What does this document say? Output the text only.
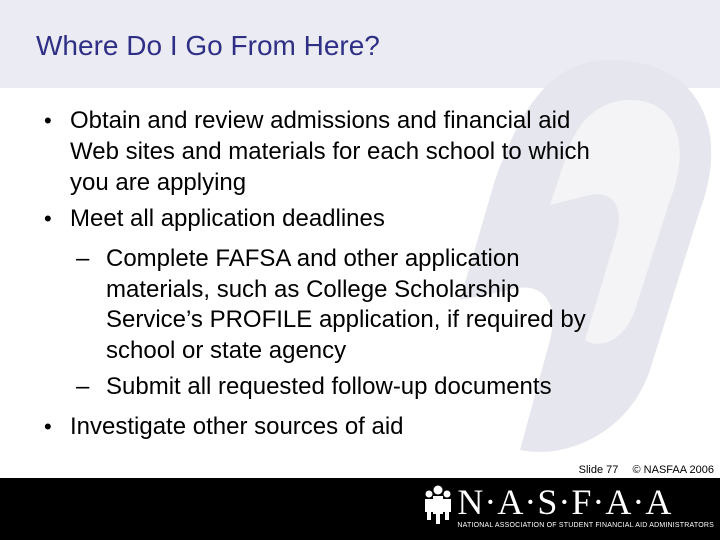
Where Do I Go From Here?
• Obtain and review admissions and financial aid
Web sites and materials for each school to which
you are applying
• Meet all application deadlines
– Complete FAFSA and other application
materials, such as College Scholarship
Service’s PROFILE application, if required by
school or state agency
– Submit all requested follow-up documents
• Investigate other sources of aid
Slide 77 © NASFAA 2006
N·A·S·F·A·A
NATIONAL ASSOCIATION OF STUDENT FINANCIAL AID ADMINISTRATORS
